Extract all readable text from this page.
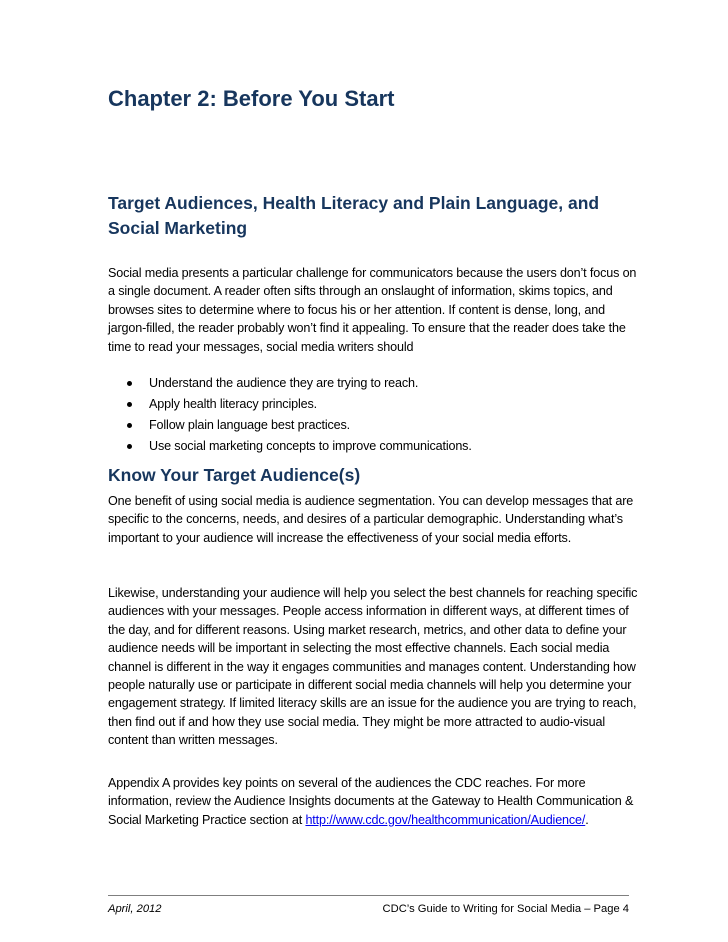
Chapter 2: Before You Start
Target Audiences, Health Literacy and Plain Language, and Social Marketing

Social media presents a particular challenge for communicators because the users don’t focus on a single document. A reader often sifts through an onslaught of information, skims topics, and browses sites to determine where to focus his or her attention. If content is dense, long, and jargon-filled, the reader probably won’t find it appealing. To ensure that the reader does take the time to read your messages, social media writers should

Understand the audience they are trying to reach.
Apply health literacy principles.
Follow plain language best practices.
Use social marketing concepts to improve communications.
Know Your Target Audience(s)

One benefit of using social media is audience segmentation. You can develop messages that are specific to the concerns, needs, and desires of a particular demographic. Understanding what’s important to your audience will increase the effectiveness of your social media efforts.

Likewise, understanding your audience will help you select the best channels for reaching specific audiences with your messages. People access information in different ways, at different times of the day, and for different reasons. Using market research, metrics, and other data to define your audience needs will be important in selecting the most effective channels. Each social media channel is different in the way it engages communities and manages content. Understanding how people naturally use or participate in different social media channels will help you determine your engagement strategy. If limited literacy skills are an issue for the audience you are trying to reach, then find out if and how they use social media. They might be more attracted to audio-visual content than written messages.

Appendix A provides key points on several of the audiences the CDC reaches. For more information, review the Audience Insights documents at the Gateway to Health Communication & Social Marketing Practice section at http://www.cdc.gov/healthcommunication/Audience/.

April, 2012	CDC’s Guide to Writing for Social Media – Page 4
